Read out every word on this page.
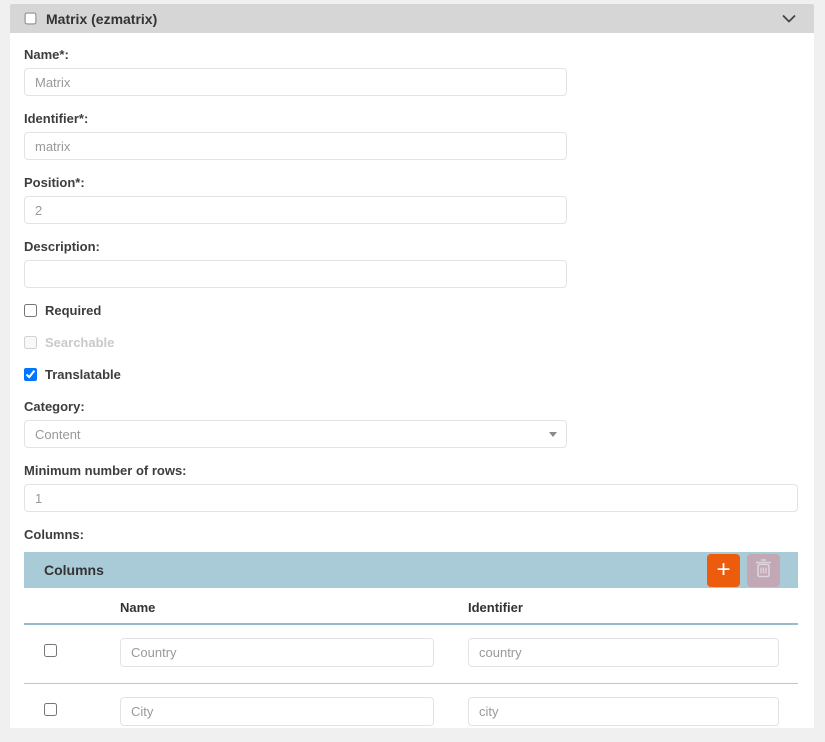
Matrix (ezmatrix)
Name*:
Matrix
Identifier*:
matrix
Position*:
2
Description:
Required
Searchable
Translatable
Category:
Content
Minimum number of rows:
1
Columns:
Columns	+
Name	Identifier
Country
country
City
city
